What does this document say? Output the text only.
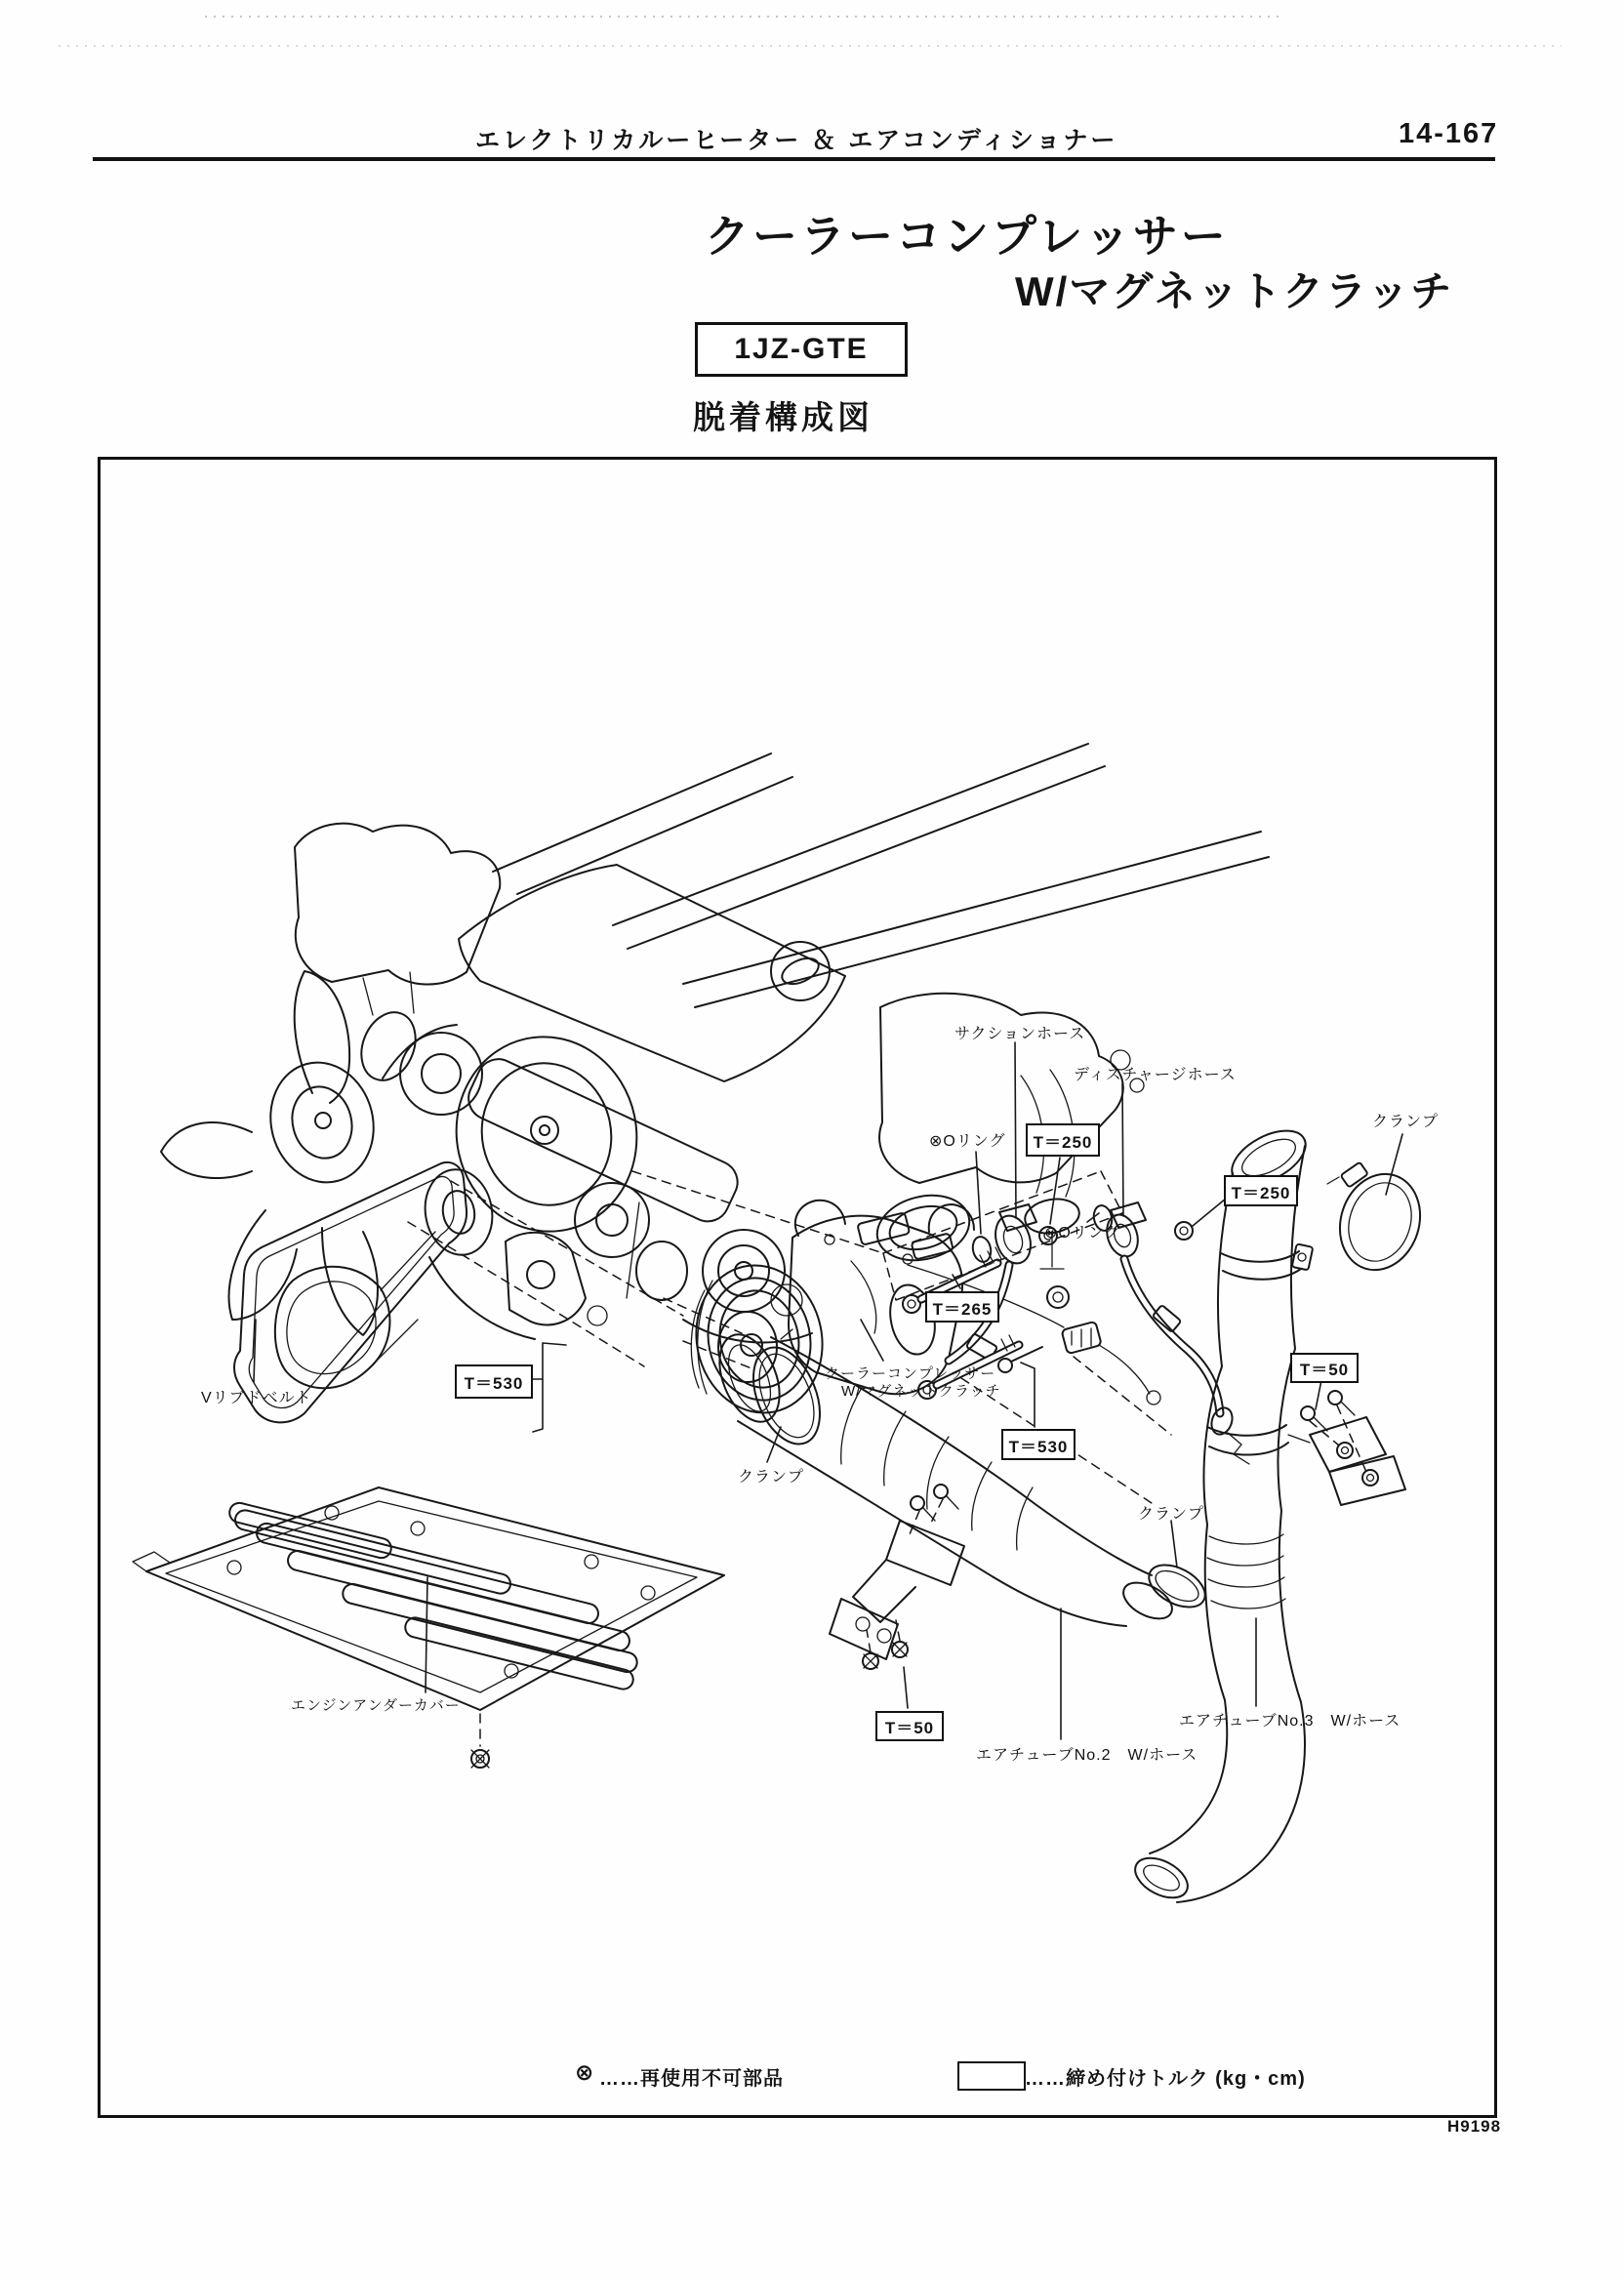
エレクトリカルーヒーター ＆ エアコンディショナー	14-167
クーラーコンプレッサー
W/マグネットクラッチ
1JZ-GTE
脱着構成図
サクションホース
ディスチャージホース
⊗Oリング
クランプ
⊗Oリング
Vリブドベルト
クーラーコンプレッサー
W/マグネットクラッチ
クランプ
クランプ
エンジンアンダーカバー
エアチューブNo.2　W/ホース
エアチューブNo.3　W/ホース
T＝250
T＝250
T＝530
T＝265
T＝530
T＝50
T＝50
⊗ ……再使用不可部品	……締め付けトルク (kg・cm)
H9198
